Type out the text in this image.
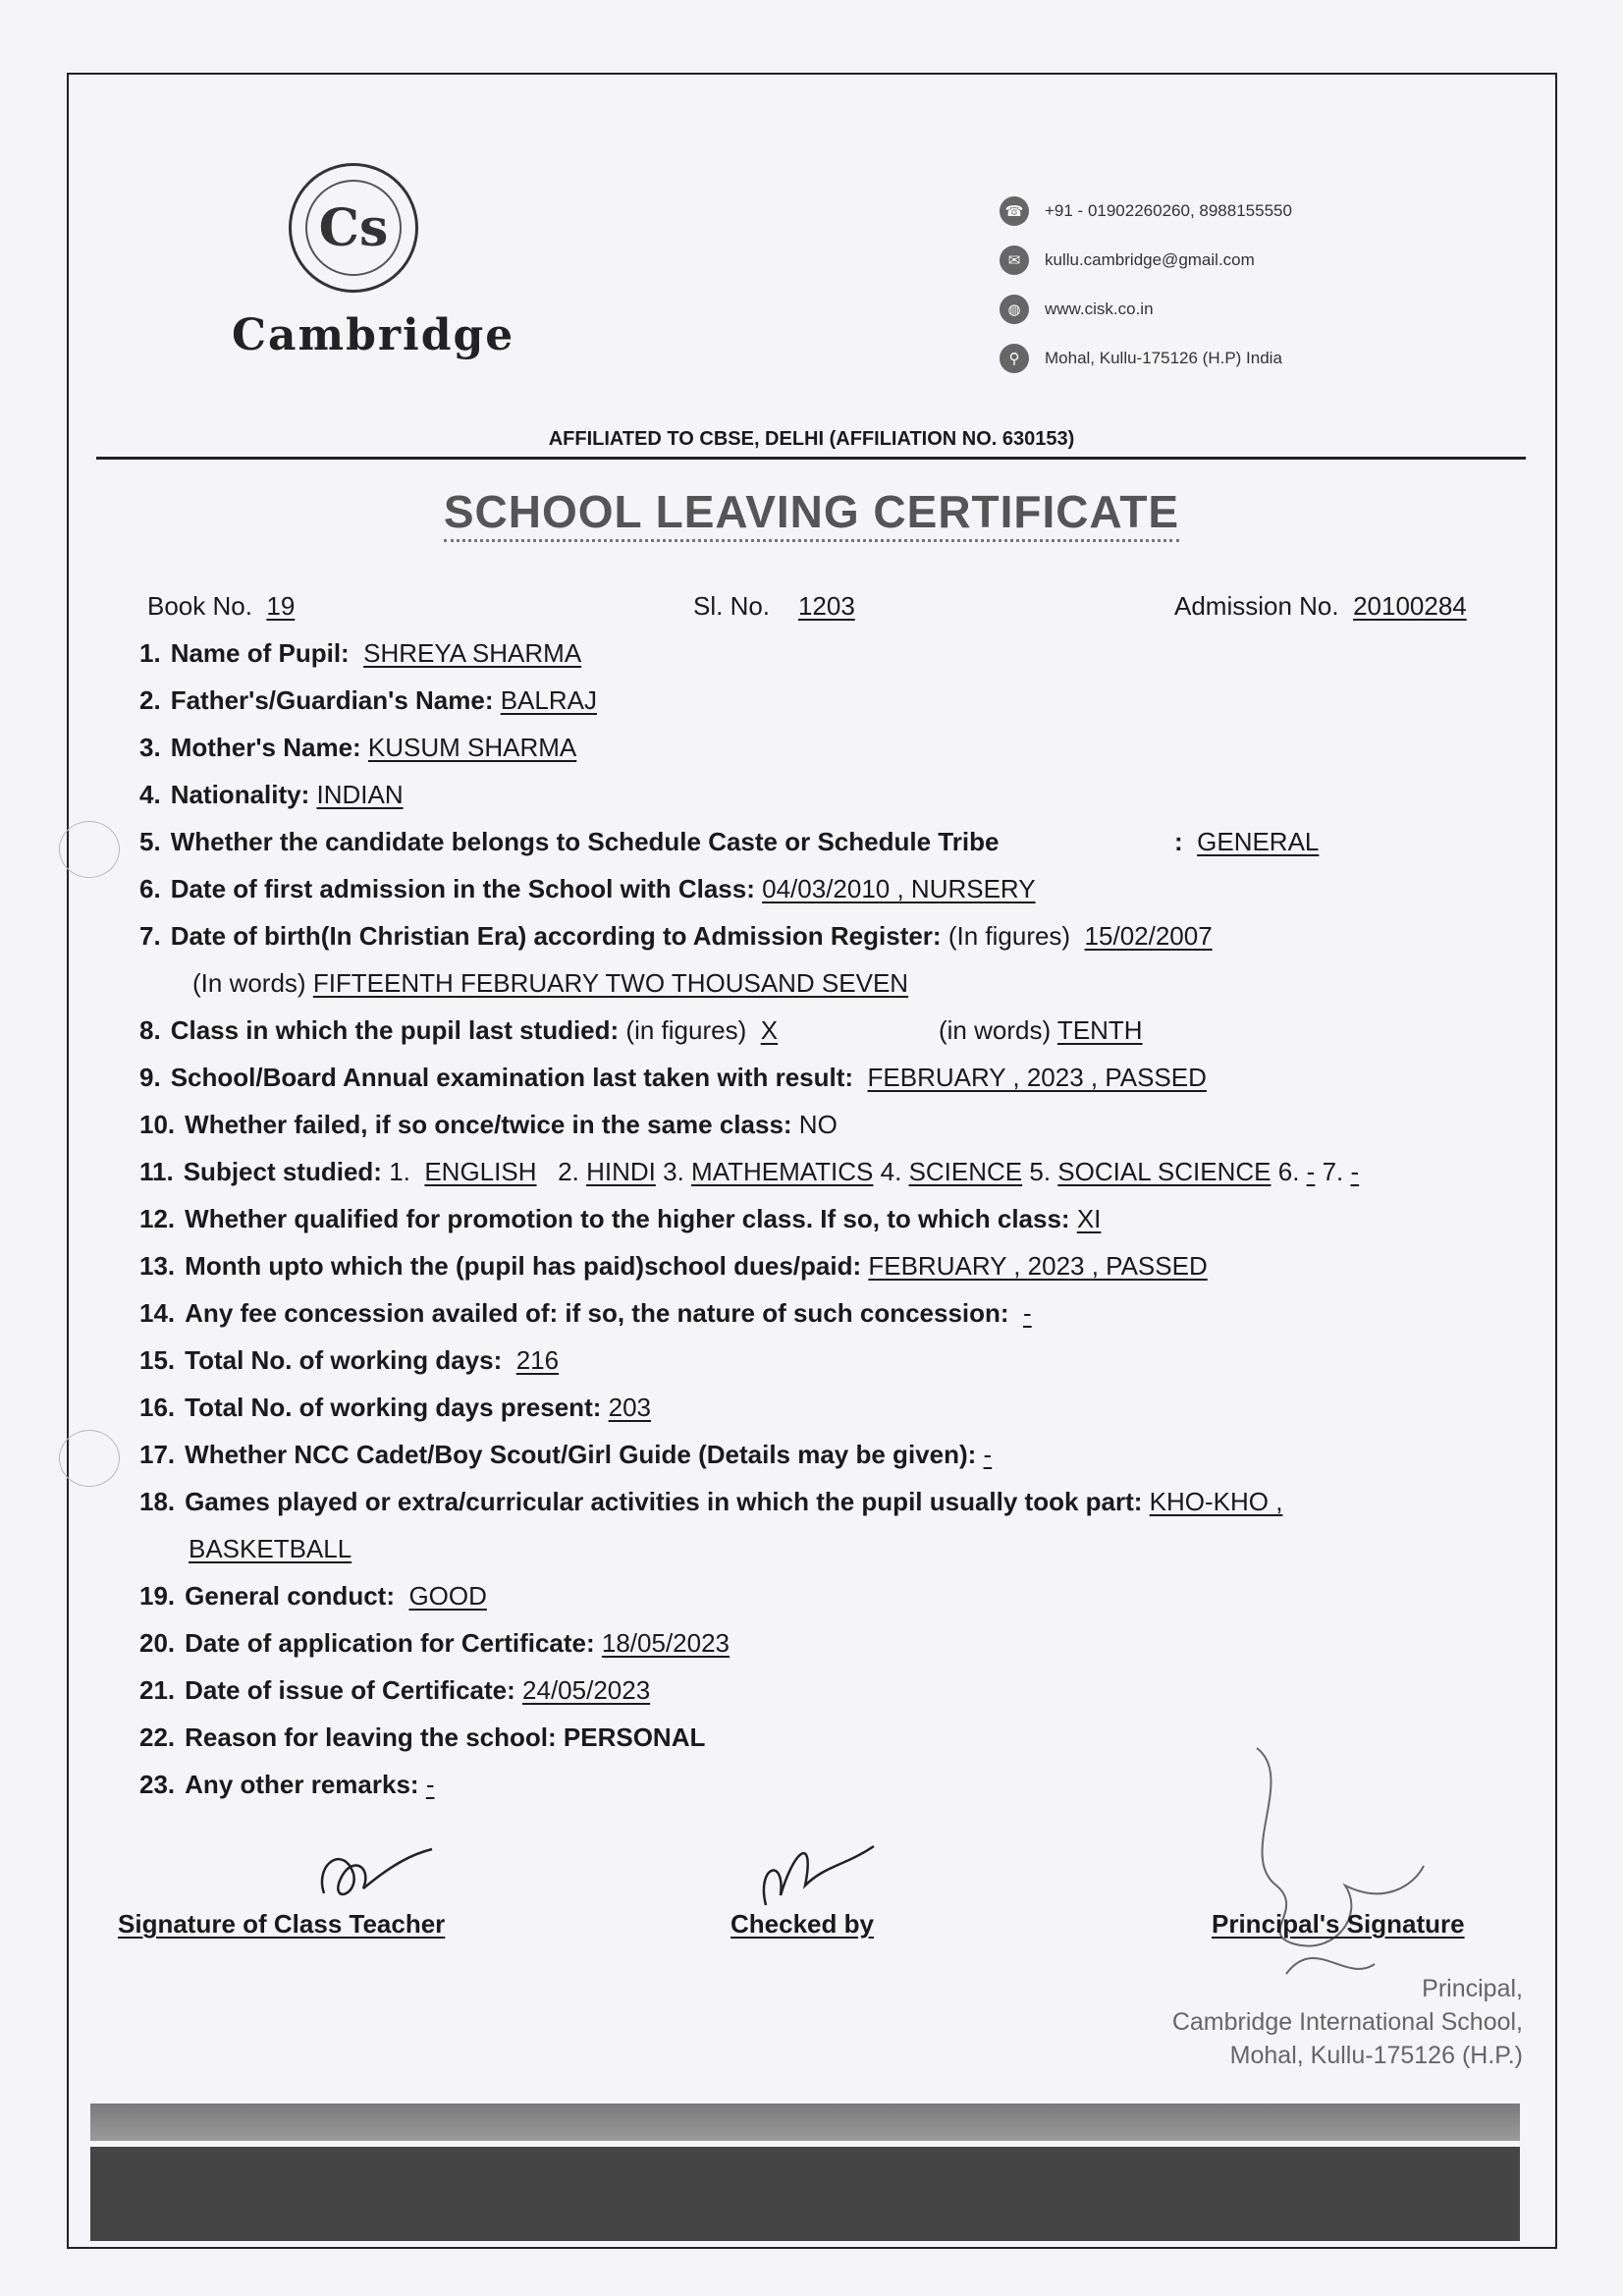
Cs
Cambridge
☎	+91 - 01902260260, 8988155550
✉	kullu.cambridge@gmail.com
◍	www.cisk.co.in
⚲	Mohal, Kullu-175126 (H.P) India
AFFILIATED TO CBSE, DELHI (AFFILIATION NO. 630153)
SCHOOL LEAVING CERTIFICATE
Book No. 19	Sl. No. 1203	Admission No. 20100284
1. Name of Pupil: SHREYA SHARMA
2. Father's/Guardian's Name: BALRAJ
3. Mother's Name: KUSUM SHARMA
4. Nationality: INDIAN
5. Whether the candidate belongs to Schedule Caste or Schedule Tribe	: GENERAL
6. Date of first admission in the School with Class: 04/03/2010 , NURSERY
7. Date of birth(In Christian Era) according to Admission Register: (In figures) 15/02/2007
(In words) FIFTEENTH FEBRUARY TWO THOUSAND SEVEN
8. Class in which the pupil last studied: (in figures) X	(in words) TENTH
9. School/Board Annual examination last taken with result: FEBRUARY , 2023 , PASSED
10. Whether failed, if so once/twice in the same class: NO
11. Subject studied: 1. ENGLISH 2. HINDI 3. MATHEMATICS 4. SCIENCE 5. SOCIAL SCIENCE 6. - 7. -
12. Whether qualified for promotion to the higher class. If so, to which class: XI
13. Month upto which the (pupil has paid)school dues/paid: FEBRUARY , 2023 , PASSED
14. Any fee concession availed of: if so, the nature of such concession: -
15. Total No. of working days: 216
16. Total No. of working days present: 203
17. Whether NCC Cadet/Boy Scout/Girl Guide (Details may be given): -
18. Games played or extra/curricular activities in which the pupil usually took part: KHO-KHO ,
BASKETBALL
19. General conduct: GOOD
20. Date of application for Certificate: 18/05/2023
21. Date of issue of Certificate: 24/05/2023
22. Reason for leaving the school: PERSONAL
23. Any other remarks: -
Signature of Class Teacher	Checked by	Principal's Signature
Principal,
Cambridge International School,
Mohal, Kullu-175126 (H.P.)
